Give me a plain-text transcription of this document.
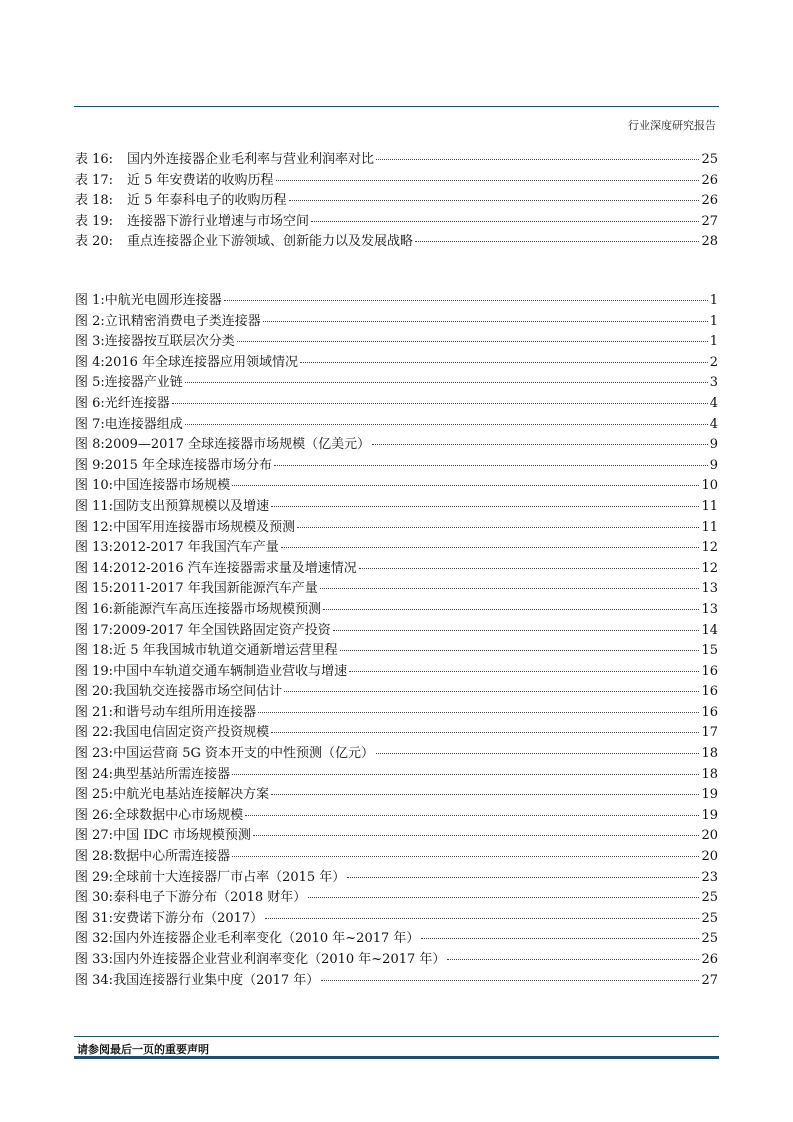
行业深度研究报告
表 16:	国内外连接器企业毛利率与营业利润率对比	25
表 17:	近 5 年安费诺的收购历程	26
表 18:	近 5 年泰科电子的收购历程	26
表 19:	连接器下游行业增速与市场空间	27
表 20:	重点连接器企业下游领域、创新能力以及发展战略	28
图 1: 中航光电圆形连接器	1
图 2: 立讯精密消费电子类连接器	1
图 3: 连接器按互联层次分类	1
图 4: 2016 年全球连接器应用领域情况	2
图 5: 连接器产业链	3
图 6: 光纤连接器	4
图 7: 电连接器组成	4
图 8: 2009—2017 全球连接器市场规模（亿美元）	9
图 9: 2015 年全球连接器市场分布	9
图 10: 中国连接器市场规模	10
图 11: 国防支出预算规模以及增速	11
图 12: 中国军用连接器市场规模及预测	11
图 13: 2012-2017 年我国汽车产量	12
图 14: 2012-2016 汽车连接器需求量及增速情况	12
图 15: 2011-2017 年我国新能源汽车产量	13
图 16: 新能源汽车高压连接器市场规模预测	13
图 17: 2009-2017 年全国铁路固定资产投资	14
图 18: 近 5 年我国城市轨道交通新增运营里程	15
图 19: 中国中车轨道交通车辆制造业营收与增速	16
图 20: 我国轨交连接器市场空间估计	16
图 21: 和谐号动车组所用连接器	16
图 22: 我国电信固定资产投资规模	17
图 23: 中国运营商 5G 资本开支的中性预测（亿元）	18
图 24: 典型基站所需连接器	18
图 25: 中航光电基站连接解决方案	19
图 26: 全球数据中心市场规模	19
图 27: 中国 IDC 市场规模预测	20
图 28: 数据中心所需连接器	20
图 29: 全球前十大连接器厂市占率（2015 年）	23
图 30: 泰科电子下游分布（2018 财年）	25
图 31: 安费诺下游分布（2017）	25
图 32: 国内外连接器企业毛利率变化（2010 年~2017 年）	25
图 33: 国内外连接器企业营业利润率变化（2010 年~2017 年）	26
图 34: 我国连接器行业集中度（2017 年）	27
请参阅最后一页的重要声明
